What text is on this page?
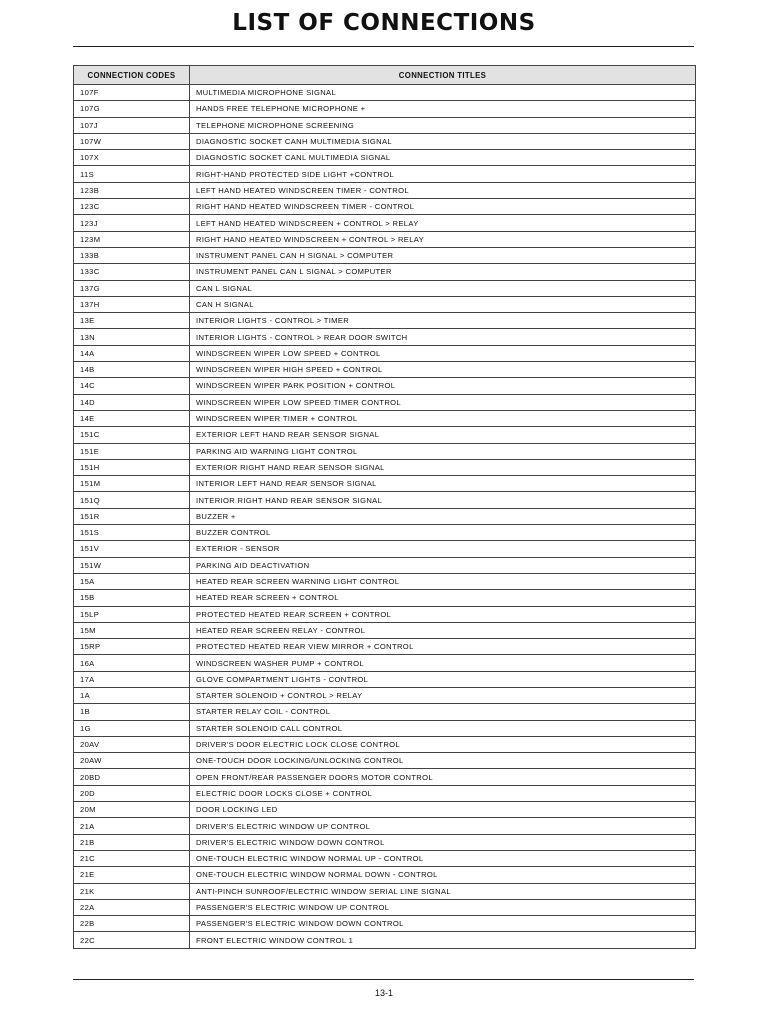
LIST OF CONNECTIONS
CONNECTION CODES	CONNECTION TITLES
107F	MULTIMEDIA MICROPHONE SIGNAL
107G	HANDS FREE TELEPHONE MICROPHONE +
107J	TELEPHONE MICROPHONE SCREENING
107W	DIAGNOSTIC SOCKET CANH MULTIMEDIA SIGNAL
107X	DIAGNOSTIC SOCKET CANL MULTIMEDIA SIGNAL
11S	RIGHT-HAND PROTECTED SIDE LIGHT +CONTROL
123B	LEFT HAND HEATED WINDSCREEN TIMER - CONTROL
123C	RIGHT HAND HEATED WINDSCREEN TIMER - CONTROL
123J	LEFT HAND HEATED WINDSCREEN + CONTROL > RELAY
123M	RIGHT HAND HEATED WINDSCREEN + CONTROL > RELAY
133B	INSTRUMENT PANEL CAN H SIGNAL > COMPUTER
133C	INSTRUMENT PANEL CAN L SIGNAL > COMPUTER
137G	CAN L SIGNAL
137H	CAN H SIGNAL
13E	INTERIOR LIGHTS - CONTROL > TIMER
13N	INTERIOR LIGHTS - CONTROL > REAR DOOR SWITCH
14A	WINDSCREEN WIPER LOW SPEED + CONTROL
14B	WINDSCREEN WIPER HIGH SPEED + CONTROL
14C	WINDSCREEN WIPER PARK POSITION + CONTROL
14D	WINDSCREEN WIPER LOW SPEED TIMER CONTROL
14E	WINDSCREEN WIPER TIMER + CONTROL
151C	EXTERIOR LEFT HAND REAR SENSOR SIGNAL
151E	PARKING AID WARNING LIGHT CONTROL
151H	EXTERIOR RIGHT HAND REAR SENSOR SIGNAL
151M	INTERIOR LEFT HAND REAR SENSOR SIGNAL
151Q	INTERIOR RIGHT HAND REAR SENSOR SIGNAL
151R	BUZZER +
151S	BUZZER CONTROL
151V	EXTERIOR - SENSOR
151W	PARKING AID DEACTIVATION
15A	HEATED REAR SCREEN WARNING LIGHT CONTROL
15B	HEATED REAR SCREEN + CONTROL
15LP	PROTECTED HEATED REAR SCREEN + CONTROL
15M	HEATED REAR SCREEN RELAY - CONTROL
15RP	PROTECTED HEATED REAR VIEW MIRROR + CONTROL
16A	WINDSCREEN WASHER PUMP + CONTROL
17A	GLOVE COMPARTMENT LIGHTS - CONTROL
1A	STARTER SOLENOID + CONTROL > RELAY
1B	STARTER RELAY COIL - CONTROL
1G	STARTER SOLENOID CALL CONTROL
20AV	DRIVER'S DOOR ELECTRIC LOCK CLOSE CONTROL
20AW	ONE-TOUCH DOOR LOCKING/UNLOCKING CONTROL
20BD	OPEN FRONT/REAR PASSENGER DOORS MOTOR CONTROL
20D	ELECTRIC DOOR LOCKS CLOSE + CONTROL
20M	DOOR LOCKING LED
21A	DRIVER'S ELECTRIC WINDOW UP CONTROL
21B	DRIVER'S ELECTRIC WINDOW DOWN CONTROL
21C	ONE-TOUCH ELECTRIC WINDOW NORMAL UP - CONTROL
21E	ONE-TOUCH ELECTRIC WINDOW NORMAL DOWN - CONTROL
21K	ANTI-PINCH SUNROOF/ELECTRIC WINDOW SERIAL LINE SIGNAL
22A	PASSENGER'S ELECTRIC WINDOW UP CONTROL
22B	PASSENGER'S ELECTRIC WINDOW DOWN CONTROL
22C	FRONT ELECTRIC WINDOW CONTROL 1
13-1
